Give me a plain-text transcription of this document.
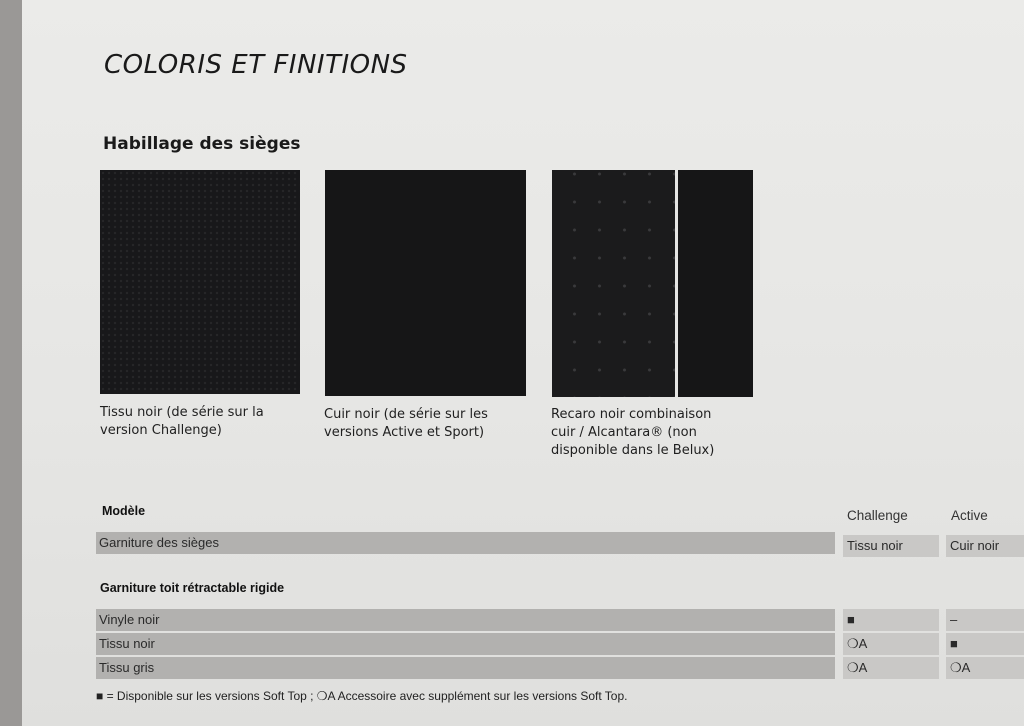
COLORIS ET FINITIONS
Habillage des sièges
Tissu noir (de série sur la
version Challenge)
Cuir noir (de série sur les
versions Active et Sport)
Recaro noir combinaison
cuir / Alcantara® (non
disponible dans le Belux)
Modèle	Challenge	Active
Garniture des sièges	Tissu noir	Cuir noir
Garniture toit rétractable rigide
Vinyle noir	■	–
Tissu noir	❍A	■
Tissu gris	❍A	❍A
■ = Disponible sur les versions Soft Top ; ❍A Accessoire avec supplément sur les versions Soft Top.
